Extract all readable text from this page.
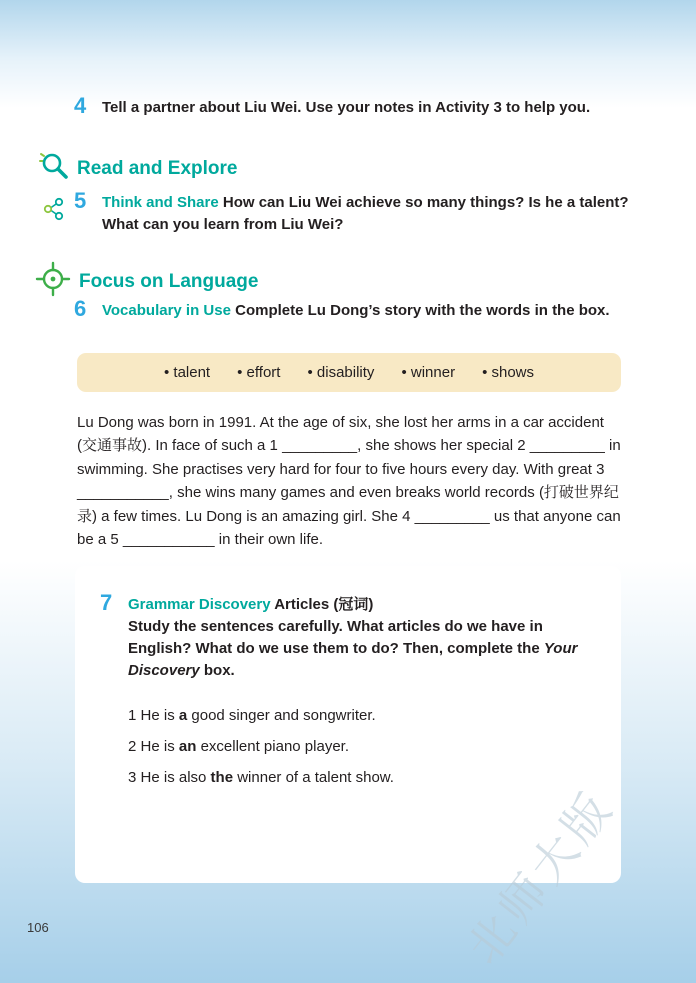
4	Tell a partner about Liu Wei. Use your notes in Activity 3 to help you.
Read and Explore
5	Think and Share How can Liu Wei achieve so many things? Is he a talent?
What can you learn from Liu Wei?
Focus on Language
6	Vocabulary in Use Complete Lu Dong’s story with the words in the box.
• talent • effort • disability • winner • shows

Lu Dong was born in 1991. At the age of six, she lost her arms in a car accident (交通事故). In face of such a 1 _________, she shows her special 2 _________ in swimming. She practises very hard for four to five hours every day. With great 3 ___________, she wins many games and even breaks world records (打破世界纪录) a few times. Lu Dong is an amazing girl. She 4 _________ us that anyone can be a 5 ___________ in their own life.

7	Grammar Discovery Articles (冠词)
Study the sentences carefully. What articles do we have in English? What do we use them to do? Then, complete the Your Discovery box.

1 He is a good singer and songwriter.

2 He is an excellent piano player.

3 He is also the winner of a talent show.

106	北师大版
